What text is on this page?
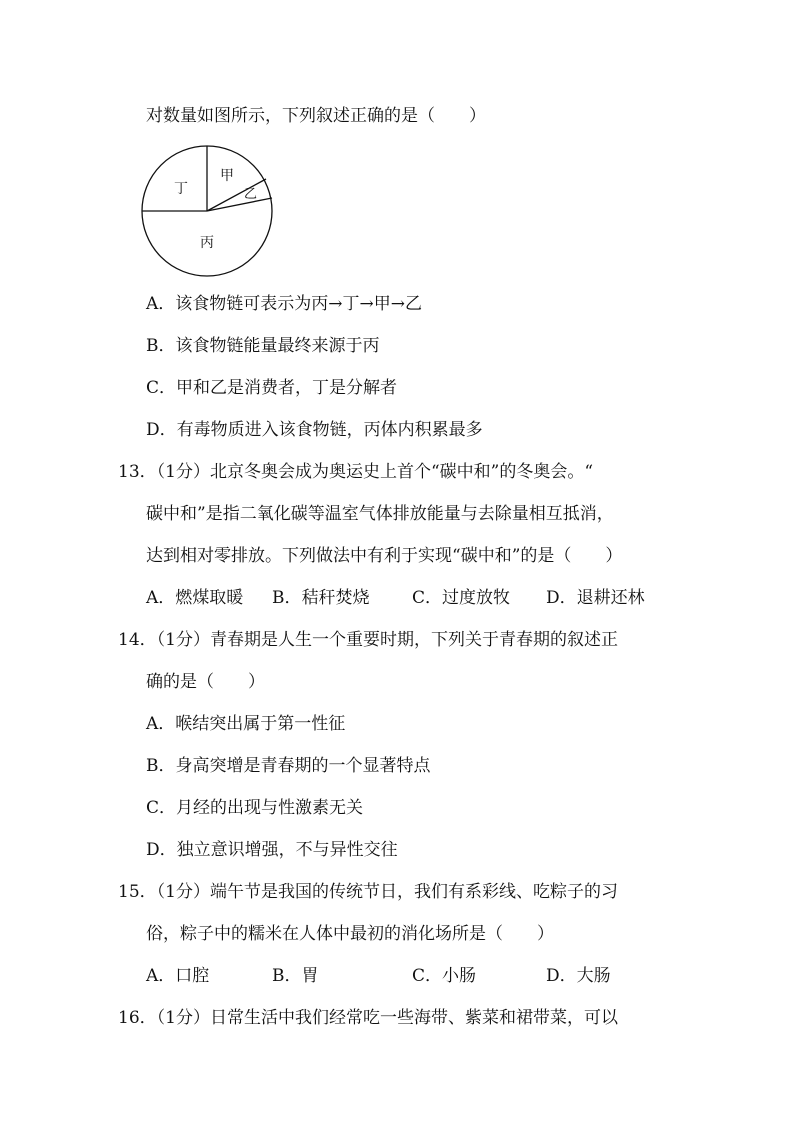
对数量如图所示，下列叙述正确的是（　　）
甲
乙
丁
丙
A．该食物链可表示为丙→丁→甲→乙
B．该食物链能量最终来源于丙
C．甲和乙是消费者，丁是分解者
D．有毒物质进入该食物链，丙体内积累最多
13．（1分）北京冬奥会成为奥运史上首个“碳中和”的冬奥会。“
碳中和”是指二氧化碳等温室气体排放能量与去除量相互抵消，
达到相对零排放。下列做法中有利于实现“碳中和”的是（　　）
A．燃煤取暖 B．秸秆焚烧	C．过度放牧 D．退耕还林
14．（1分）青春期是人生一个重要时期，下列关于青春期的叙述正
确的是（　　）
A．喉结突出属于第一性征
B．身高突增是青春期的一个显著特点
C．月经的出现与性激素无关
D．独立意识增强，不与异性交往
15．（1分）端午节是我国的传统节日，我们有系彩线、吃粽子的习
俗，粽子中的糯米在人体中最初的消化场所是（　　）
A．口腔	B．胃	C．小肠	D．大肠
16．（1分）日常生活中我们经常吃一些海带、紫菜和裙带菜，可以
